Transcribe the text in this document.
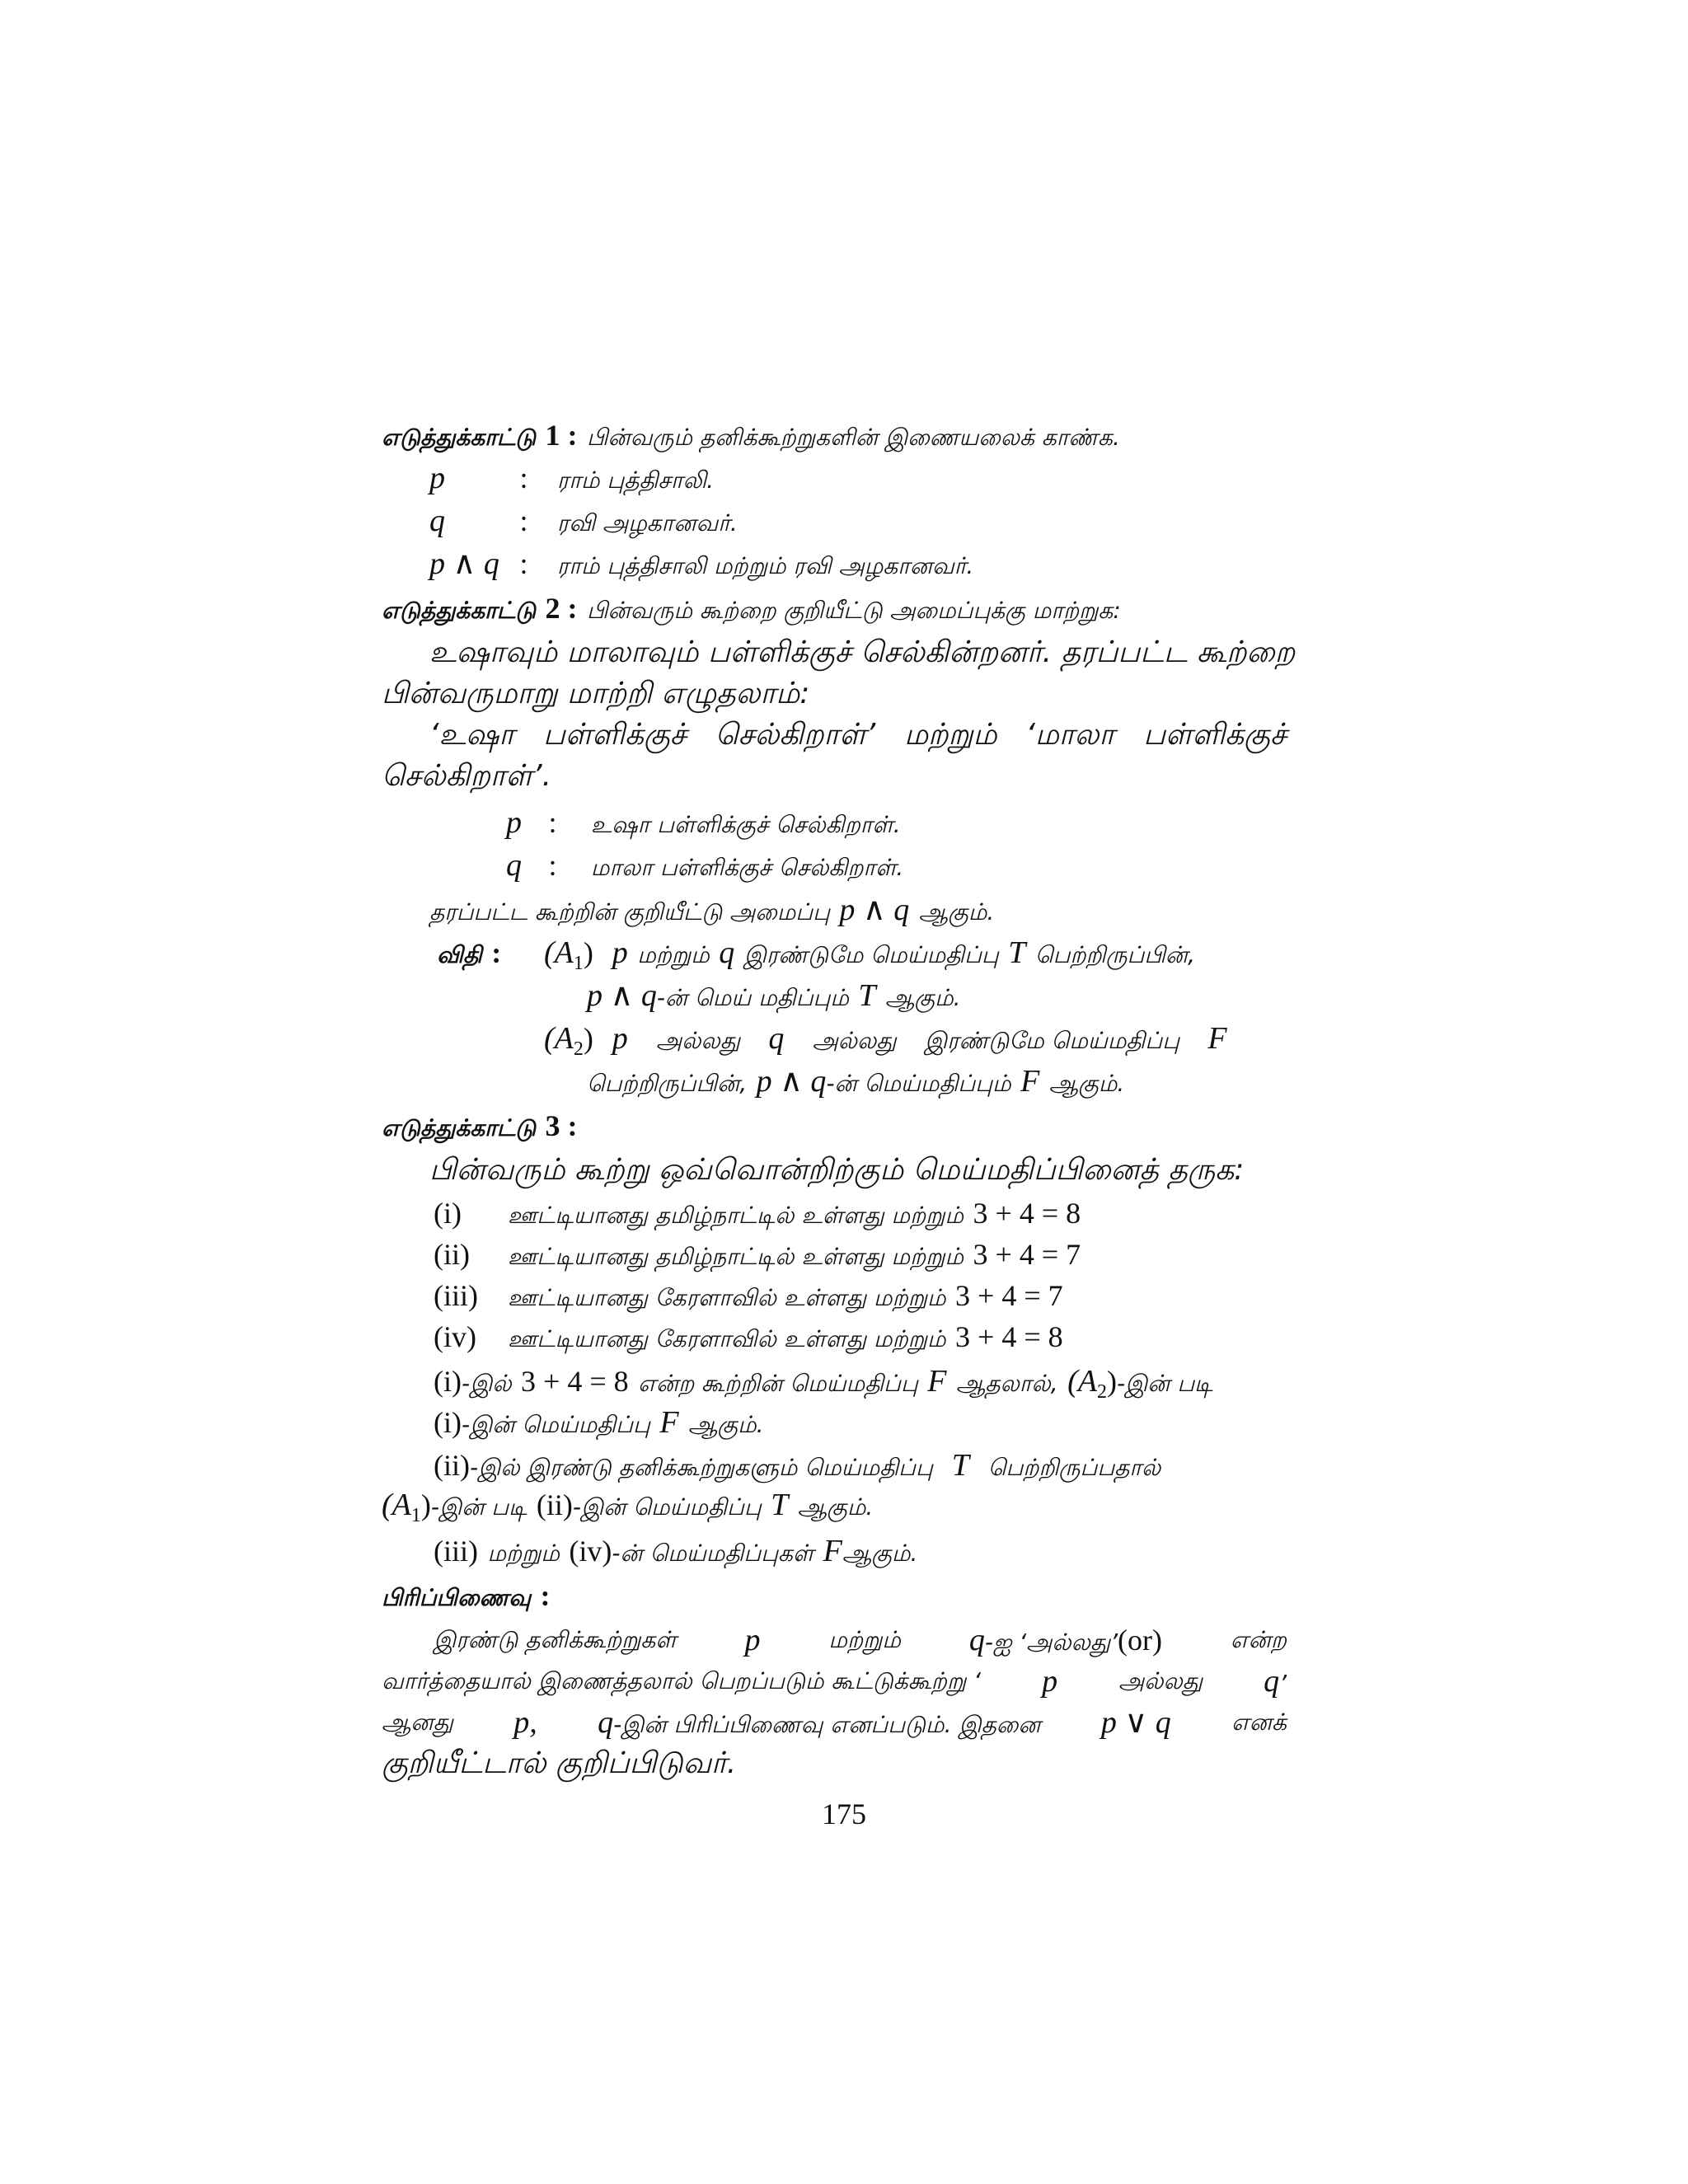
எடுத்துக்காட்டு 1 : பின்வரும் தனிக்கூற்றுகளின் இணையலைக் காண்க.
p	: ராம் புத்திசாலி.
q	: ரவி அழகானவர்.
p ∧ q : ராம் புத்திசாலி மற்றும் ரவி அழகானவர்.
எடுத்துக்காட்டு 2 : பின்வரும் கூற்றை குறியீட்டு அமைப்புக்கு மாற்றுக:
உஷாவும் மாலாவும் பள்ளிக்குச் செல்கின்றனர். தரப்பட்ட கூற்றை
பின்வருமாறு மாற்றி எழுதலாம்:
‘உஷா பள்ளிக்குச் செல்கிறாள்’ மற்றும் ‘மாலா பள்ளிக்குச்
செல்கிறாள்’.
p : உஷா பள்ளிக்குச் செல்கிறாள்.
q : மாலா பள்ளிக்குச் செல்கிறாள்.
தரப்பட்ட கூற்றின் குறியீட்டு அமைப்பு p ∧ q ஆகும்.
விதி : $(A_1)$ p மற்றும் q இரண்டுமே மெய்மதிப்பு T பெற்றிருப்பின்,
p ∧ q-ன் மெய் மதிப்பும் T ஆகும்.
$(A_2)$ p அல்லது q அல்லது இரண்டுமே மெய்மதிப்பு F
பெற்றிருப்பின், p ∧ q-ன் மெய்மதிப்பும் F ஆகும்.
எடுத்துக்காட்டு 3 :
பின்வரும் கூற்று ஒவ்வொன்றிற்கும் மெய்மதிப்பினைத் தருக:
(i) ஊட்டியானது தமிழ்நாட்டில் உள்ளது மற்றும் 3 + 4 = 8
(ii) ஊட்டியானது தமிழ்நாட்டில் உள்ளது மற்றும் 3 + 4 = 7
(iii) ஊட்டியானது கேரளாவில் உள்ளது மற்றும் 3 + 4 = 7
(iv) ஊட்டியானது கேரளாவில் உள்ளது மற்றும் 3 + 4 = 8
(i)-இல் 3 + 4 = 8 என்ற கூற்றின் மெய்மதிப்பு F ஆதலால், $(A_2)-இன்$ படி
(i)-இன் மெய்மதிப்பு F ஆகும்.
(ii)-இல் இரண்டு தனிக்கூற்றுகளும் மெய்மதிப்பு T பெற்றிருப்பதால்
$(A_1)-இன்$ படி (ii)-இன் மெய்மதிப்பு T ஆகும்.
(iii) மற்றும் (iv)-ன் மெய்மதிப்புகள் Fஆகும்.
பிரிப்பிணைவு :
இரண்டு தனிக்கூற்றுகள் p	மற்றும் q-ஐ ‘அல்லது’(or)	என்ற
வார்த்தையால் இணைத்தலால் பெறப்படும் கூட்டுக்கூற்று ‘ p	அல்லது q’
ஆனது p, q-இன் பிரிப்பிணைவு எனப்படும். இதனை p ∨ q	எனக்
குறியீட்டால் குறிப்பிடுவர்.
175
